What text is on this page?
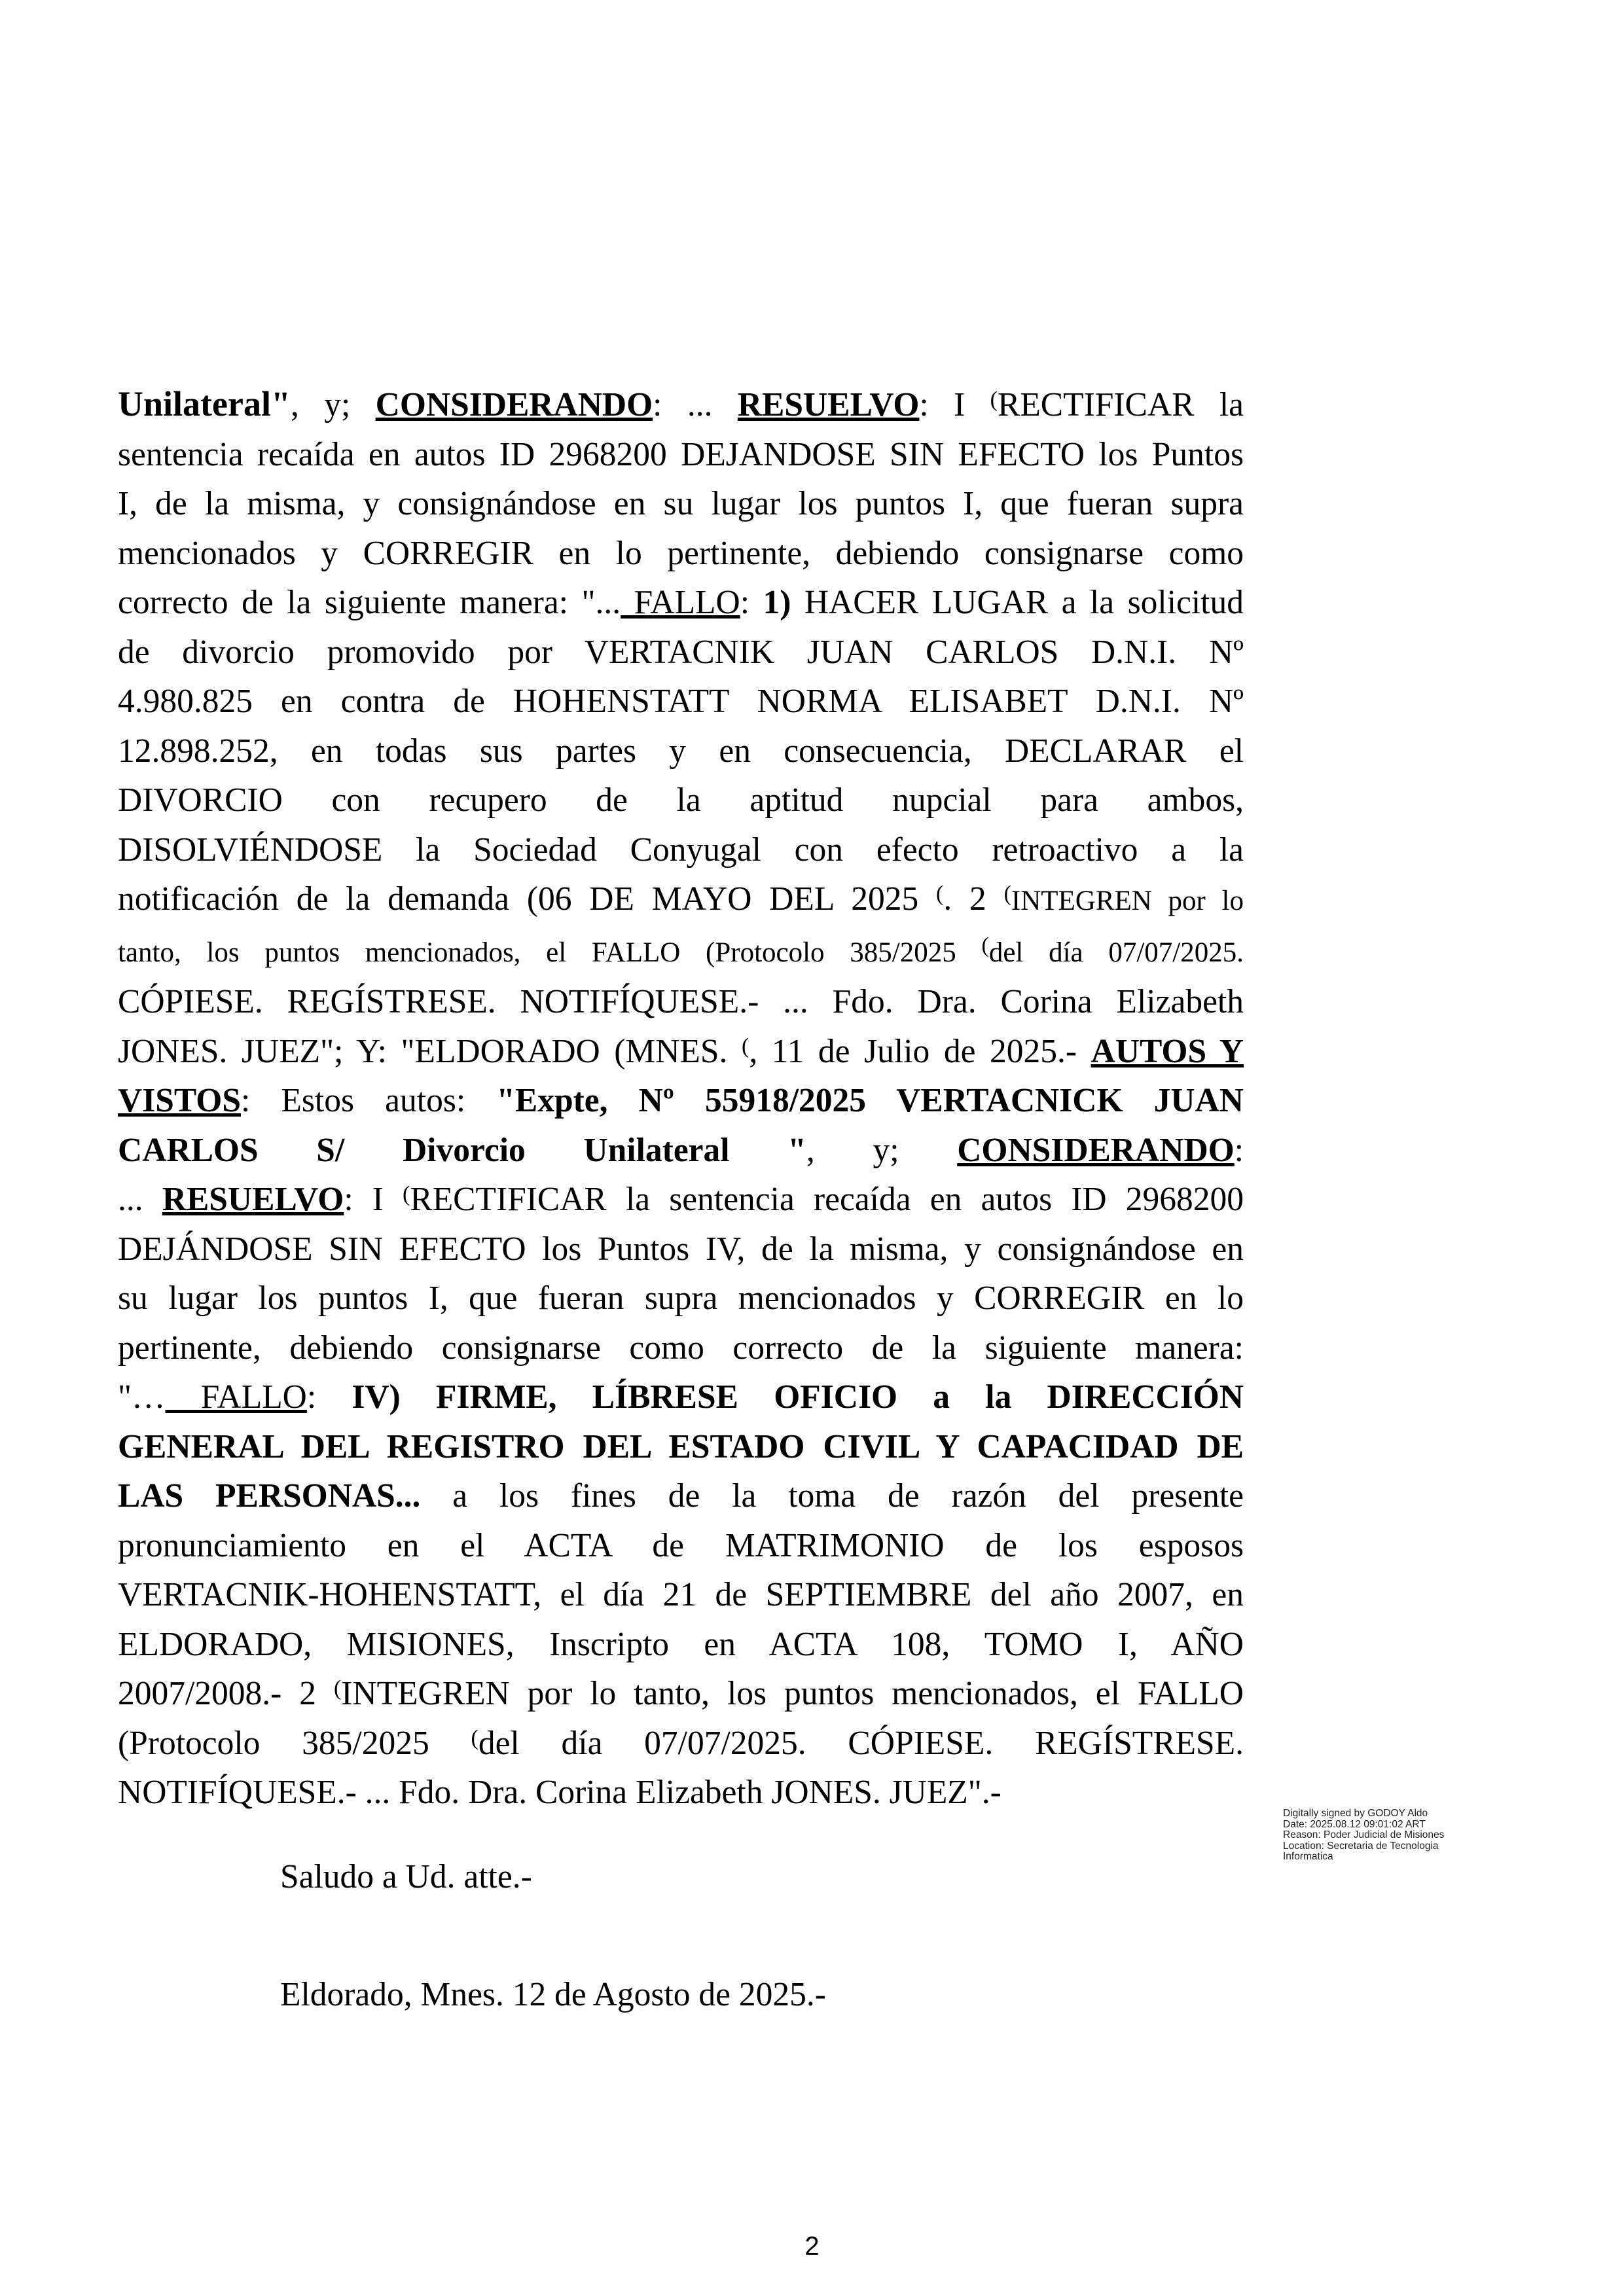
Unilateral", y; CONSIDERANDO: ... RESUELVO: I (RECTIFICAR la
sentencia recaída en autos ID 2968200 DEJANDOSE SIN EFECTO los Puntos
I, de la misma, y consignándose en su lugar los puntos I, que fueran supra
mencionados y CORREGIR en lo pertinente, debiendo consignarse como
correcto de la siguiente manera: "... FALLO: 1) HACER LUGAR a la solicitud
de divorcio promovido por VERTACNIK JUAN CARLOS D.N.I. Nº
4.980.825 en contra de HOHENSTATT NORMA ELISABET D.N.I. Nº
12.898.252, en todas sus partes y en consecuencia, DECLARAR el
DIVORCIO con recupero de la aptitud nupcial para ambos,
DISOLVIÉNDOSE la Sociedad Conyugal con efecto retroactivo a la
notificación de la demanda (06 DE MAYO DEL 2025 (. 2 (INTEGREN por lo
tanto, los puntos mencionados, el FALLO (Protocolo 385/2025 (del día 07/07/2025.
CÓPIESE. REGÍSTRESE. NOTIFÍQUESE.- ... Fdo. Dra. Corina Elizabeth
JONES. JUEZ"; Y: "ELDORADO (MNES. (, 11 de Julio de 2025.- AUTOS Y
VISTOS: Estos autos: "Expte, Nº 55918/2025 VERTACNICK JUAN
CARLOS S/ Divorcio Unilateral ", y; CONSIDERANDO:
... RESUELVO: I (RECTIFICAR la sentencia recaída en autos ID 2968200
DEJÁNDOSE SIN EFECTO los Puntos IV, de la misma, y consignándose en
su lugar los puntos I, que fueran supra mencionados y CORREGIR en lo
pertinente, debiendo consignarse como correcto de la siguiente manera:
"… FALLO: IV) FIRME, LÍBRESE OFICIO a la DIRECCIÓN
GENERAL DEL REGISTRO DEL ESTADO CIVIL Y CAPACIDAD DE
LAS PERSONAS... a los fines de la toma de razón del presente
pronunciamiento en el ACTA de MATRIMONIO de los esposos
VERTACNIK-HOHENSTATT, el día 21 de SEPTIEMBRE del año 2007, en
ELDORADO, MISIONES, Inscripto en ACTA 108, TOMO I, AÑO
2007/2008.- 2 (INTEGREN por lo tanto, los puntos mencionados, el FALLO
(Protocolo 385/2025 (del día 07/07/2025. CÓPIESE. REGÍSTRESE.
NOTIFÍQUESE.- ... Fdo. Dra. Corina Elizabeth JONES. JUEZ".-
Saludo a Ud. atte.-
Eldorado, Mnes. 12 de Agosto de 2025.-
Digitally signed by GODOY Aldo
Date: 2025.08.12 09:01:02 ART
Reason: Poder Judicial de Misiones
Location: Secretaria de Tecnologia
Informatica
2
